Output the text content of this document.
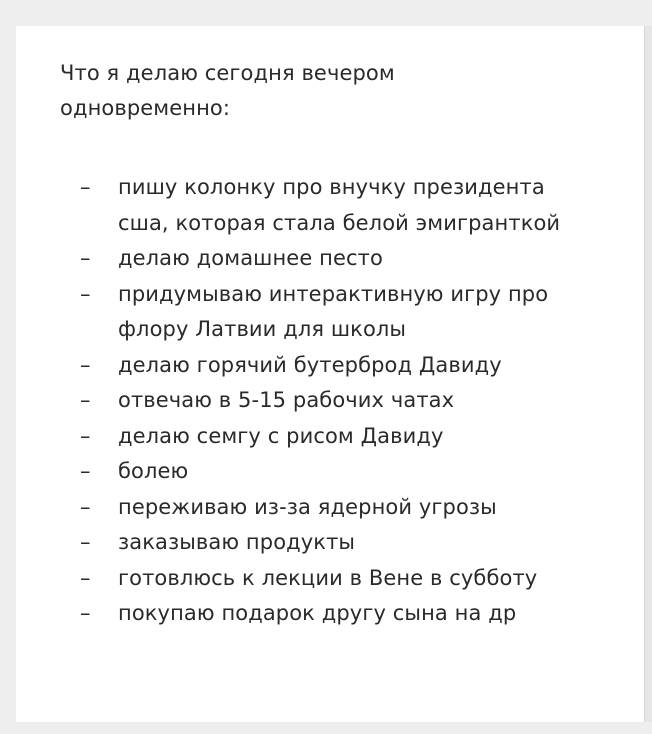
Что я делаю сегодня вечером одновременно:
– пишу колонку про внучку президента сша, которая стала белой эмигранткой
– делаю домашнее песто
– придумываю интерактивную игру про флору Латвии для школы
– делаю горячий бутерброд Давиду
– отвечаю в 5-15 рабочих чатах
– делаю семгу с рисом Давиду
– болею
– переживаю из-за ядерной угрозы
– заказываю продукты
– готовлюсь к лекции в Вене в субботу
– покупаю подарок другу сына на др
